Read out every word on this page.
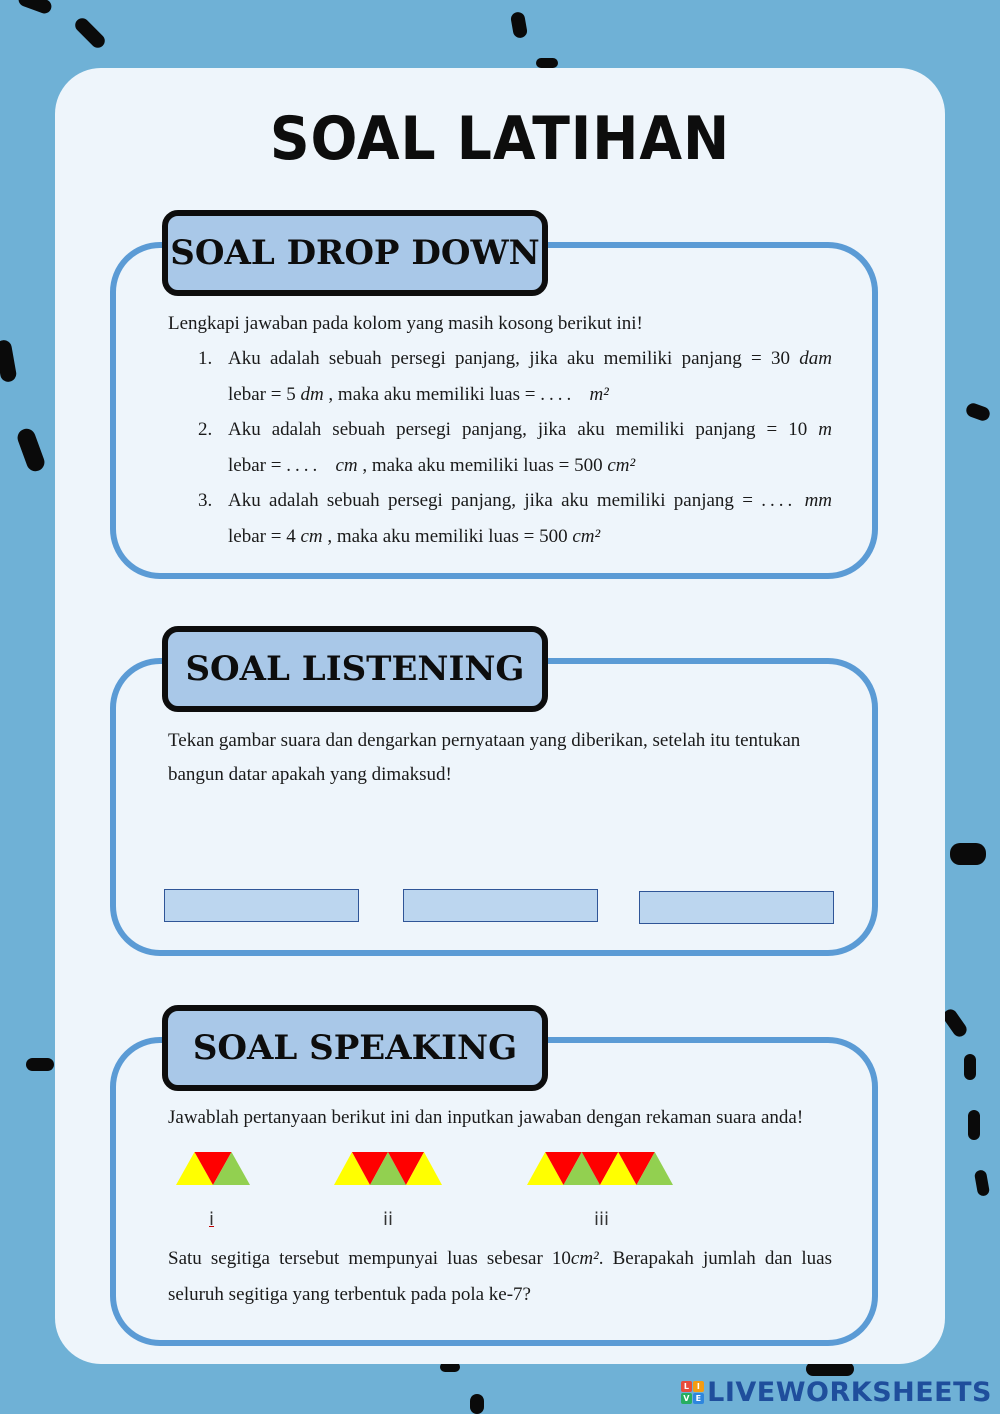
SOAL LATIHAN
SOAL DROP DOWN
Lengkapi jawaban pada kolom yang masih kosong berikut ini!
1. Aku adalah sebuah persegi panjang, jika aku memiliki panjang = 30 dam
lebar = 5 dm , maka aku memiliki luas = .... m²
2. Aku adalah sebuah persegi panjang, jika aku memiliki panjang = 10 m
lebar = .... cm , maka aku memiliki luas = 500 cm²
3. Aku adalah sebuah persegi panjang, jika aku memiliki panjang = .... mm
lebar = 4 cm , maka aku memiliki luas = 500 cm²
SOAL LISTENING
Tekan gambar suara dan dengarkan pernyataan yang diberikan, setelah itu tentukan
bangun datar apakah yang dimaksud!
SOAL SPEAKING
Jawablah pertanyaan berikut ini dan inputkan jawaban dengan rekaman suara anda!
i	ii	iii
Satu segitiga tersebut mempunyai luas sebesar 10cm². Berapakah jumlah dan luas
seluruh segitiga yang terbentuk pada pola ke-7?
L I
V E LIVEWORKSHEETS
